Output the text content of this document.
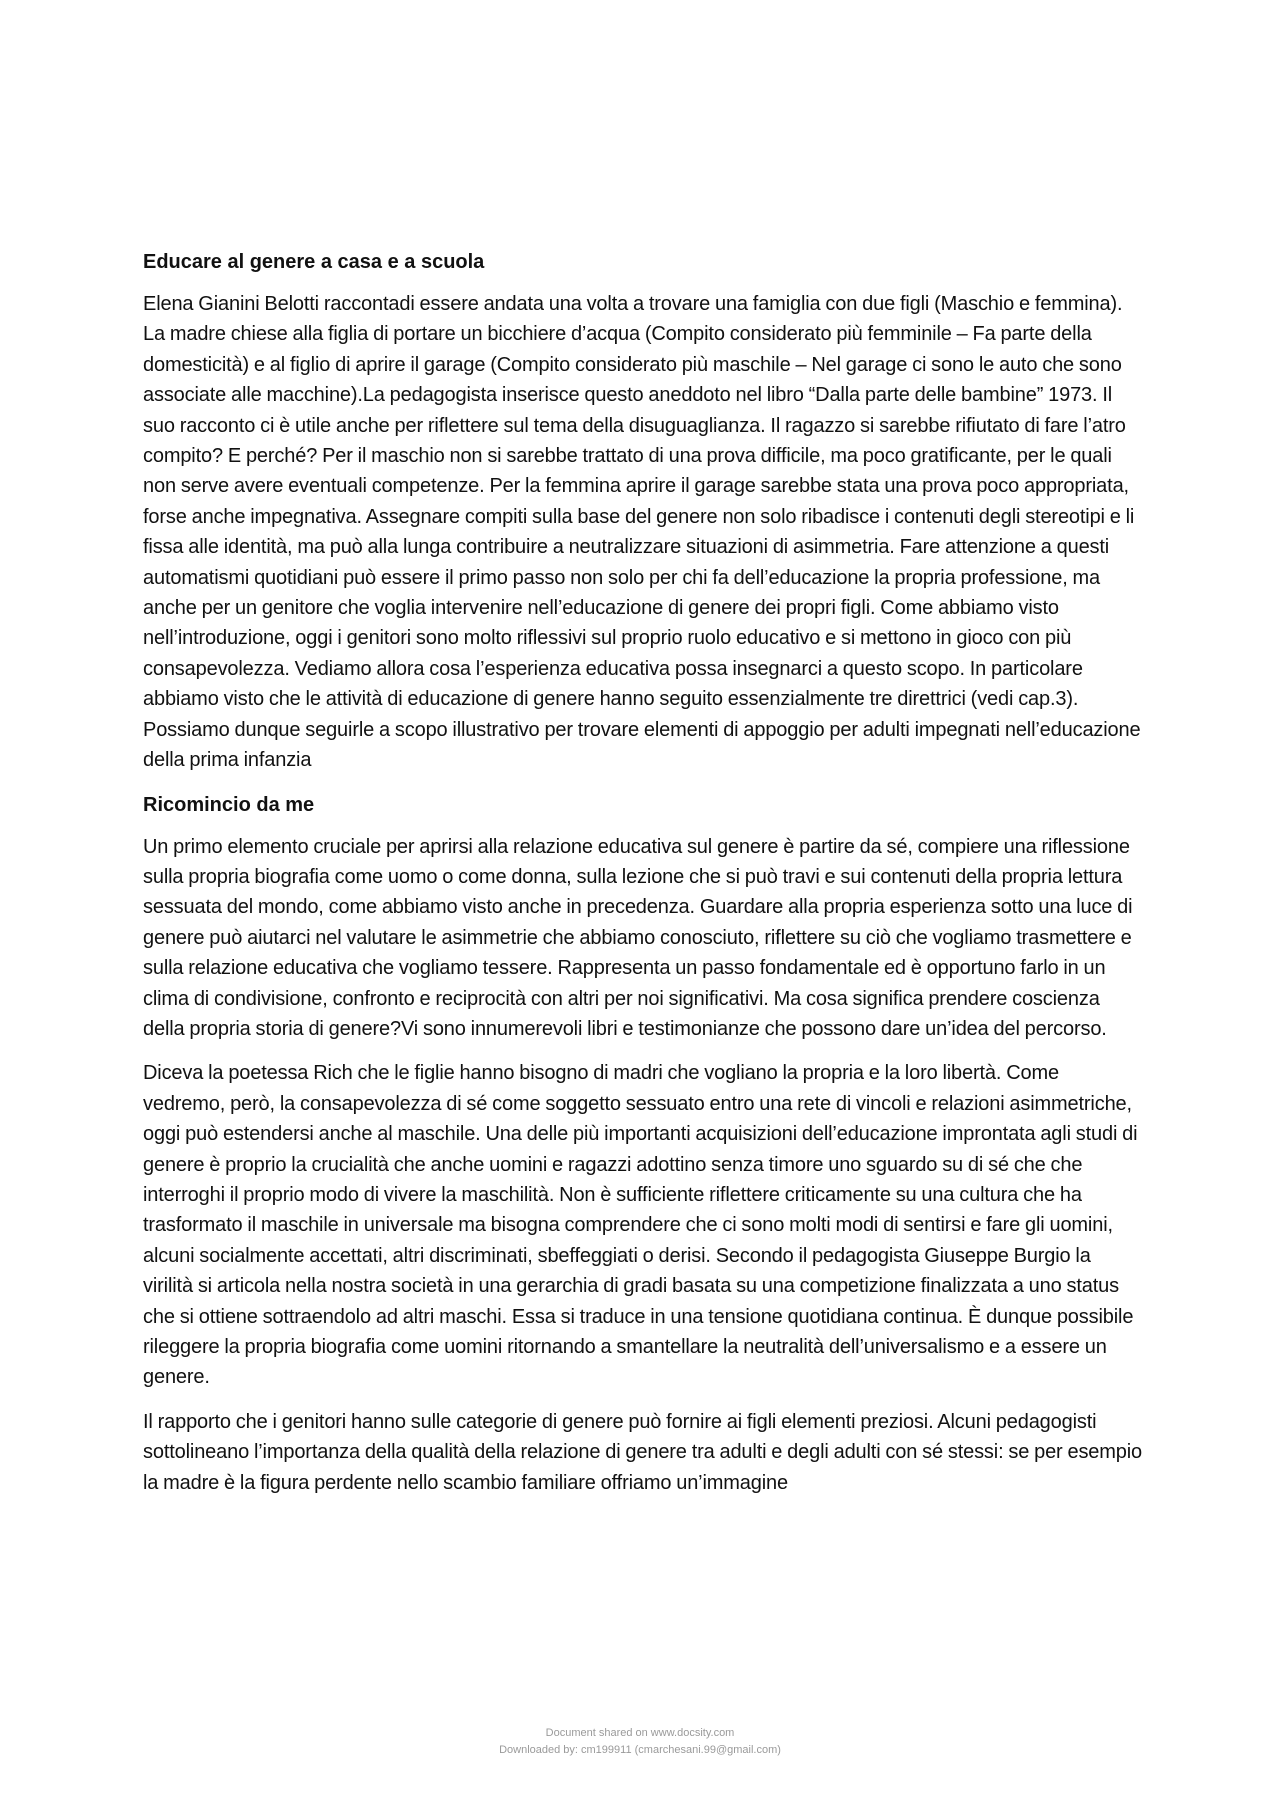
Educare al genere a casa e a scuola

Elena Gianini Belotti raccontadi essere andata una volta a trovare una famiglia con due figli (Maschio e femmina). La madre chiese alla figlia di portare un bicchiere d’acqua (Compito considerato più femminile – Fa parte della domesticità) e al figlio di aprire il garage (Compito considerato più maschile – Nel garage ci sono le auto che sono associate alle macchine).La pedagogista inserisce questo aneddoto nel libro “Dalla parte delle bambine” 1973. Il suo racconto ci è utile anche per riflettere sul tema della disuguaglianza. Il ragazzo si sarebbe rifiutato di fare l’atro compito? E perché? Per il maschio non si sarebbe trattato di una prova difficile, ma poco gratificante, per le quali non serve avere eventuali competenze. Per la femmina aprire il garage sarebbe stata una prova poco appropriata, forse anche impegnativa. Assegnare compiti sulla base del genere non solo ribadisce i contenuti degli stereotipi e li fissa alle identità, ma può alla lunga contribuire a neutralizzare situazioni di asimmetria. Fare attenzione a questi automatismi quotidiani può essere il primo passo non solo per chi fa dell’educazione la propria professione, ma anche per un genitore che voglia intervenire nell’educazione di genere dei propri figli. Come abbiamo visto nell’introduzione, oggi i genitori sono molto riflessivi sul proprio ruolo educativo e si mettono in gioco con più consapevolezza. Vediamo allora cosa l’esperienza educativa possa insegnarci a questo scopo. In particolare abbiamo visto che le attività di educazione di genere hanno seguito essenzialmente tre direttrici (vedi cap.3). Possiamo dunque seguirle a scopo illustrativo per trovare elementi di appoggio per adulti impegnati nell’educazione della prima infanzia

Ricomincio da me

Un primo elemento cruciale per aprirsi alla relazione educativa sul genere è partire da sé, compiere una riflessione sulla propria biografia come uomo o come donna, sulla lezione che si può travi e sui contenuti della propria lettura sessuata del mondo, come abbiamo visto anche in precedenza. Guardare alla propria esperienza sotto una luce di genere può aiutarci nel valutare le asimmetrie che abbiamo conosciuto, riflettere su ciò che vogliamo trasmettere e sulla relazione educativa che vogliamo tessere. Rappresenta un passo fondamentale ed è opportuno farlo in un clima di condivisione, confronto e reciprocità con altri per noi significativi. Ma cosa significa prendere coscienza della propria storia di genere?Vi sono innumerevoli libri e testimonianze che possono dare un’idea del percorso.

Diceva la poetessa Rich che le figlie hanno bisogno di madri che vogliano la propria e la loro libertà. Come vedremo, però, la consapevolezza di sé come soggetto sessuato entro una rete di vincoli e relazioni asimmetriche, oggi può estendersi anche al maschile. Una delle più importanti acquisizioni dell’educazione improntata agli studi di genere è proprio la crucialità che anche uomini e ragazzi adottino senza timore uno sguardo su di sé che che interroghi il proprio modo di vivere la maschilità. Non è sufficiente riflettere criticamente su una cultura che ha trasformato il maschile in universale ma bisogna comprendere che ci sono molti modi di sentirsi e fare gli uomini, alcuni socialmente accettati, altri discriminati, sbeffeggiati o derisi. Secondo il pedagogista Giuseppe Burgio la virilità si articola nella nostra società in una gerarchia di gradi basata su una competizione finalizzata a uno status che si ottiene sottraendolo ad altri maschi. Essa si traduce in una tensione quotidiana continua. È dunque possibile rileggere la propria biografia come uomini ritornando a smantellare la neutralità dell’universalismo e a essere un genere.

Il rapporto che i genitori hanno sulle categorie di genere può fornire ai figli elementi preziosi. Alcuni pedagogisti sottolineano l’importanza della qualità della relazione di genere tra adulti e degli adulti con sé stessi: se per esempio la madre è la figura perdente nello scambio familiare offriamo un’immagine

Document shared on www.docsity.com
Downloaded by: cm199911 (cmarchesani.99@gmail.com)
